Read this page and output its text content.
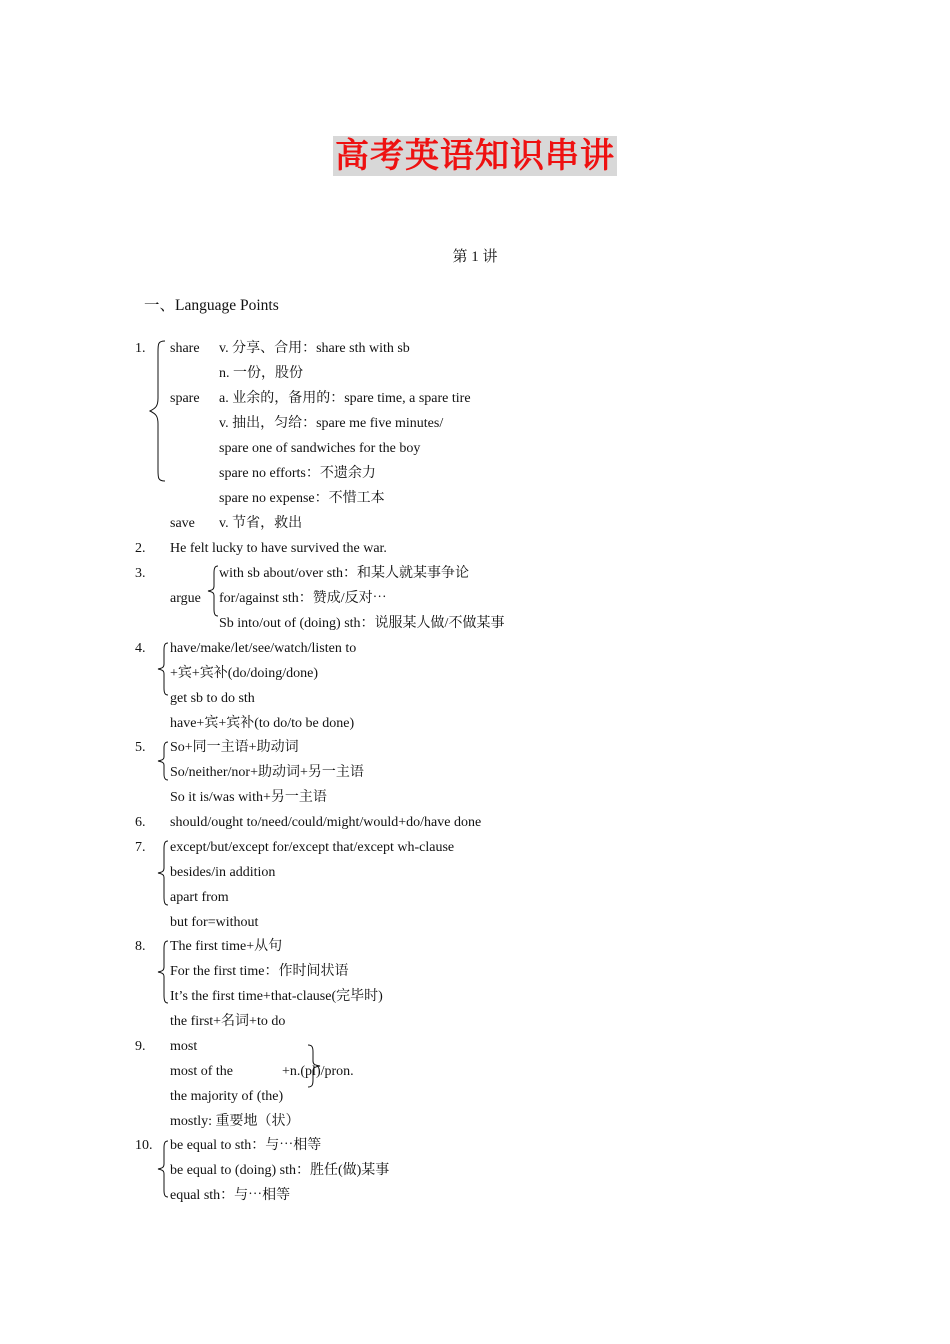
高考英语知识串讲
第 1 讲
一、Language Points
1. share v. 分享、合用：share sth with sb
n. 一份，股份
spare a. 业余的，备用的：spare time, a spare tire
v. 抽出，匀给：spare me five minutes/
spare one of sandwiches for the boy
spare no efforts：不遗余力
spare no expense：不惜工本
save v. 节省，救出
2. He felt lucky to have survived the war.
3.	with sb about/over sth：和某人就某事争论
argue for/against sth：赞成/反对⋯
Sb into/out of (doing) sth：说服某人做/不做某事
4. have/make/let/see/watch/listen to
+宾+宾补(do/doing/done)
get sb to do sth
have+宾+宾补(to do/to be done)
5. So+同一主语+助动词
So/neither/nor+助动词+另一主语
So it is/was with+另一主语
6. should/ought to/need/could/might/would+do/have done
7. except/but/except for/except that/except wh-clause
besides/in addition
apart from
but for=without
8. The first time+从句
For the first time：作时间状语
It’s the first time+that-clause(完毕时)
the first+名词+to do
9. most
most of the	+n.(pl)/pron.
the majority of (the)
mostly: 重要地（状）
10. be equal to sth：与⋯相等
be equal to (doing) sth：胜任(做)某事
equal sth：与⋯相等
